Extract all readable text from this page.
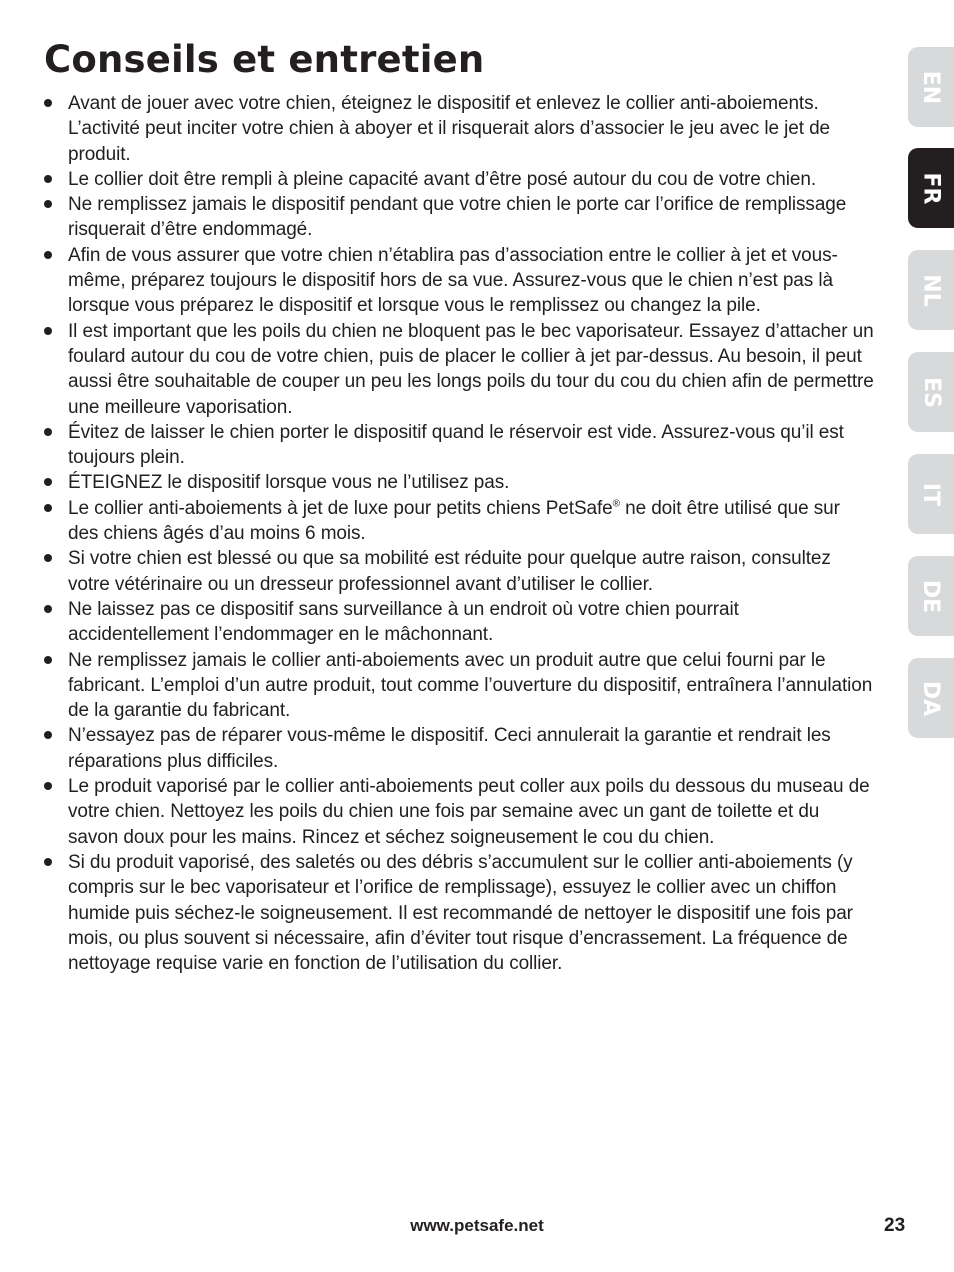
Conseils et entretien
Avant de jouer avec votre chien, éteignez le dispositif et enlevez le collier anti-aboiements. L’activité peut inciter votre chien à aboyer et il risquerait alors d’associer le jeu avec le jet de produit.
Le collier doit être rempli à pleine capacité avant d’être posé autour du cou de votre chien.
Ne remplissez jamais le dispositif pendant que votre chien le porte car l’orifice de remplissage risquerait d’être endommagé.
Afin de vous assurer que votre chien n’établira pas d’association entre le collier à jet et vous-même, préparez toujours le dispositif hors de sa vue. Assurez-vous que le chien n’est pas là lorsque vous préparez le dispositif et lorsque vous le remplissez ou changez la pile.
Il est important que les poils du chien ne bloquent pas le bec vaporisateur. Essayez d’attacher un foulard autour du cou de votre chien, puis de placer le collier à jet par-dessus. Au besoin, il peut aussi être souhaitable de couper un peu les longs poils du tour du cou du chien afin de permettre une meilleure vaporisation.
Évitez de laisser le chien porter le dispositif quand le réservoir est vide. Assurez-vous qu’il est toujours plein.
ÉTEIGNEZ le dispositif lorsque vous ne l’utilisez pas.
Le collier anti-aboiements à jet de luxe pour petits chiens PetSafe® ne doit être utilisé que sur des chiens âgés d’au moins 6 mois.
Si votre chien est blessé ou que sa mobilité est réduite pour quelque autre raison, consultez votre vétérinaire ou un dresseur professionnel avant d’utiliser le collier.
Ne laissez pas ce dispositif sans surveillance à un endroit où votre chien pourrait accidentellement l’endommager en le mâchonnant.
Ne remplissez jamais le collier anti-aboiements avec un produit autre que celui fourni par le fabricant. L’emploi d’un autre produit, tout comme l’ouverture du dispositif, entraînera l’annulation de la garantie du fabricant.
N’essayez pas de réparer vous-même le dispositif. Ceci annulerait la garantie et rendrait les réparations plus difficiles.
Le produit vaporisé par le collier anti-aboiements peut coller aux poils du dessous du museau de votre chien. Nettoyez les poils du chien une fois par semaine avec un gant de toilette et du savon doux pour les mains. Rincez et séchez soigneusement le cou du chien.
Si du produit vaporisé, des saletés ou des débris s’accumulent sur le collier anti-aboiements (y compris sur le bec vaporisateur et l’orifice de remplissage), essuyez le collier avec un chiffon humide puis séchez-le soigneusement. Il est recommandé de nettoyer le dispositif une fois par mois, ou plus souvent si nécessaire, afin d’éviter tout risque d’encrassement. La fréquence de nettoyage requise varie en fonction de l’utilisation du collier.
EN
FR
NL
ES
IT
DE
DA
www.petsafe.net	23
